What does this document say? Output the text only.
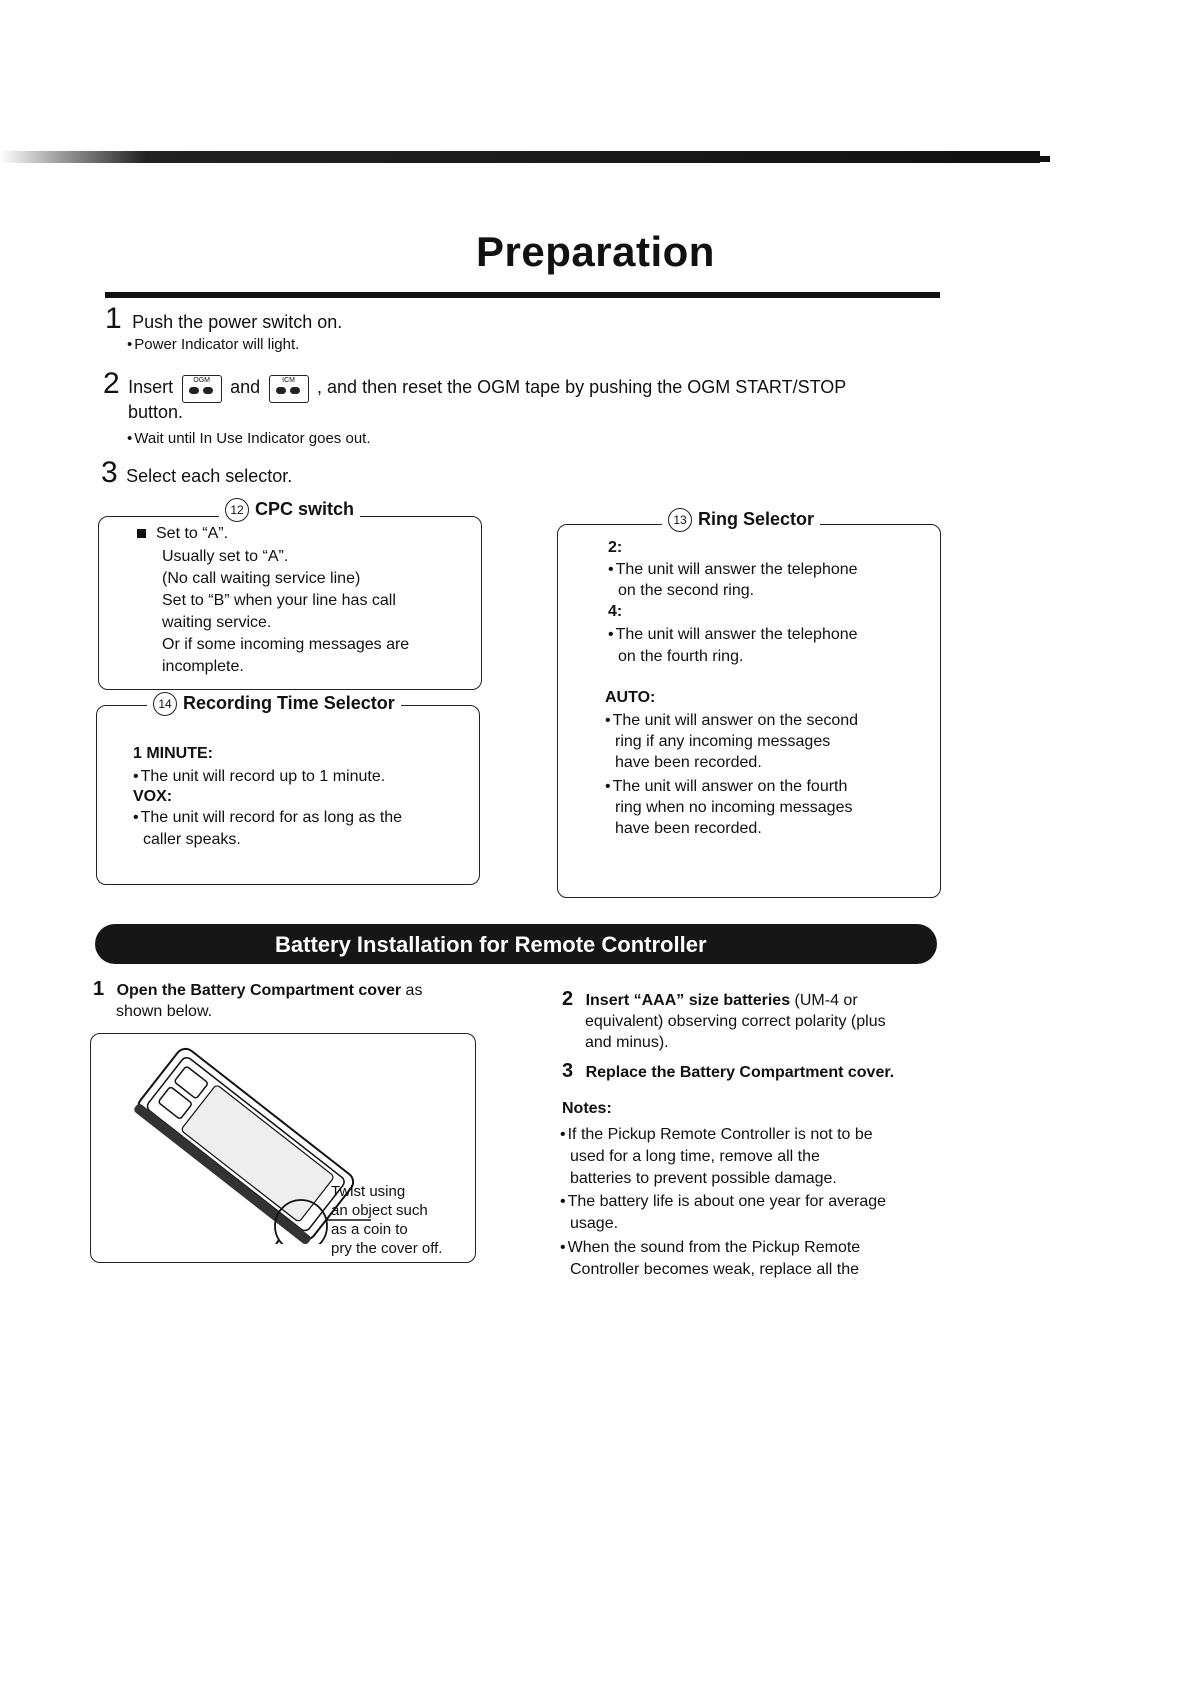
Preparation
1 Push the power switch on.
• Power Indicator will light.
2 Insert	OGM	and	ICM	, and then reset the OGM tape by pushing the OGM START/STOP
button.
• Wait until In Use Indicator goes out.
3 Select each selector.
12 CPC switch
Set to “A”.
Usually set to “A”.
(No call waiting service line)
Set to “B” when your line has call
waiting service.
Or if some incoming messages are
incomplete.
14 Recording Time Selector
1 MINUTE:
• The unit will record up to 1 minute.
VOX:
• The unit will record for as long as the
caller speaks.
13 Ring Selector
2:
• The unit will answer the telephone
on the second ring.
4:
• The unit will answer the telephone
on the fourth ring.
AUTO:
• The unit will answer on the second
ring if any incoming messages
have been recorded.
• The unit will answer on the fourth
ring when no incoming messages
have been recorded.
Battery Installation for Remote Controller
1 Open the Battery Compartment cover as
shown below.
Twist using
an object such
as a coin to
pry the cover off.
2 Insert “AAA” size batteries (UM-4 or
equivalent) observing correct polarity (plus
and minus).
3 Replace the Battery Compartment cover.
Notes:
• If the Pickup Remote Controller is not to be
used for a long time, remove all the
batteries to prevent possible damage.
• The battery life is about one year for average
usage.
• When the sound from the Pickup Remote
Controller becomes weak, replace all the
